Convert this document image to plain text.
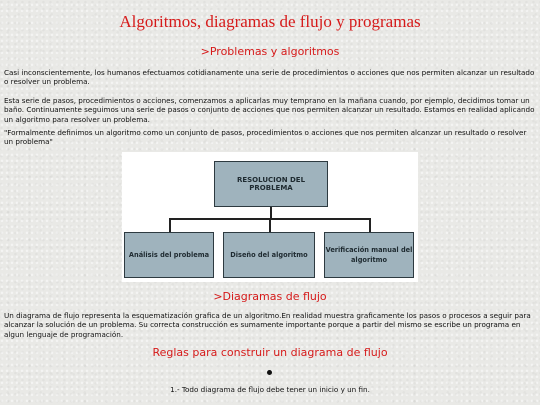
Algoritmos, diagramas de flujo y programas
>Problemas y algoritmos

Casi inconscientemente, los humanos efectuamos cotidianamente una serie de procedimientos o acciones que nos permiten alcanzar un resultado o resolver un problema.

Esta serie de pasos, procedimientos o acciones, comenzamos a aplicarlas muy temprano en la mañana cuando, por ejemplo, decidimos tomar un baño. Continuamente seguimos una serie de pasos o conjunto de acciones que nos permiten alcanzar un resultado. Estamos en realidad aplicando un algoritmo para resolver un problema.

"Formalmente definimos un algoritmo como un conjunto de pasos, procedimientos o acciones que nos permiten alcanzar un resultado o resolver un problema"

RESOLUCION DEL PROBLEMA
Análisis del problema	Diseño del algoritmo
Verificación manual del algoritmo
>Diagramas de flujo

Un diagrama de flujo representa la esquematización grafica de un algoritmo.En realidad muestra graficamente los pasos o procesos a seguir para alcanzar la solución de un problema. Su correcta construcción es sumamente importante porque a partir del mismo se escribe un programa en algun lenguaje de programación.

Reglas para construir un diagrama de flujo

1.- Todo diagrama de flujo debe tener un inicio y un fin.
